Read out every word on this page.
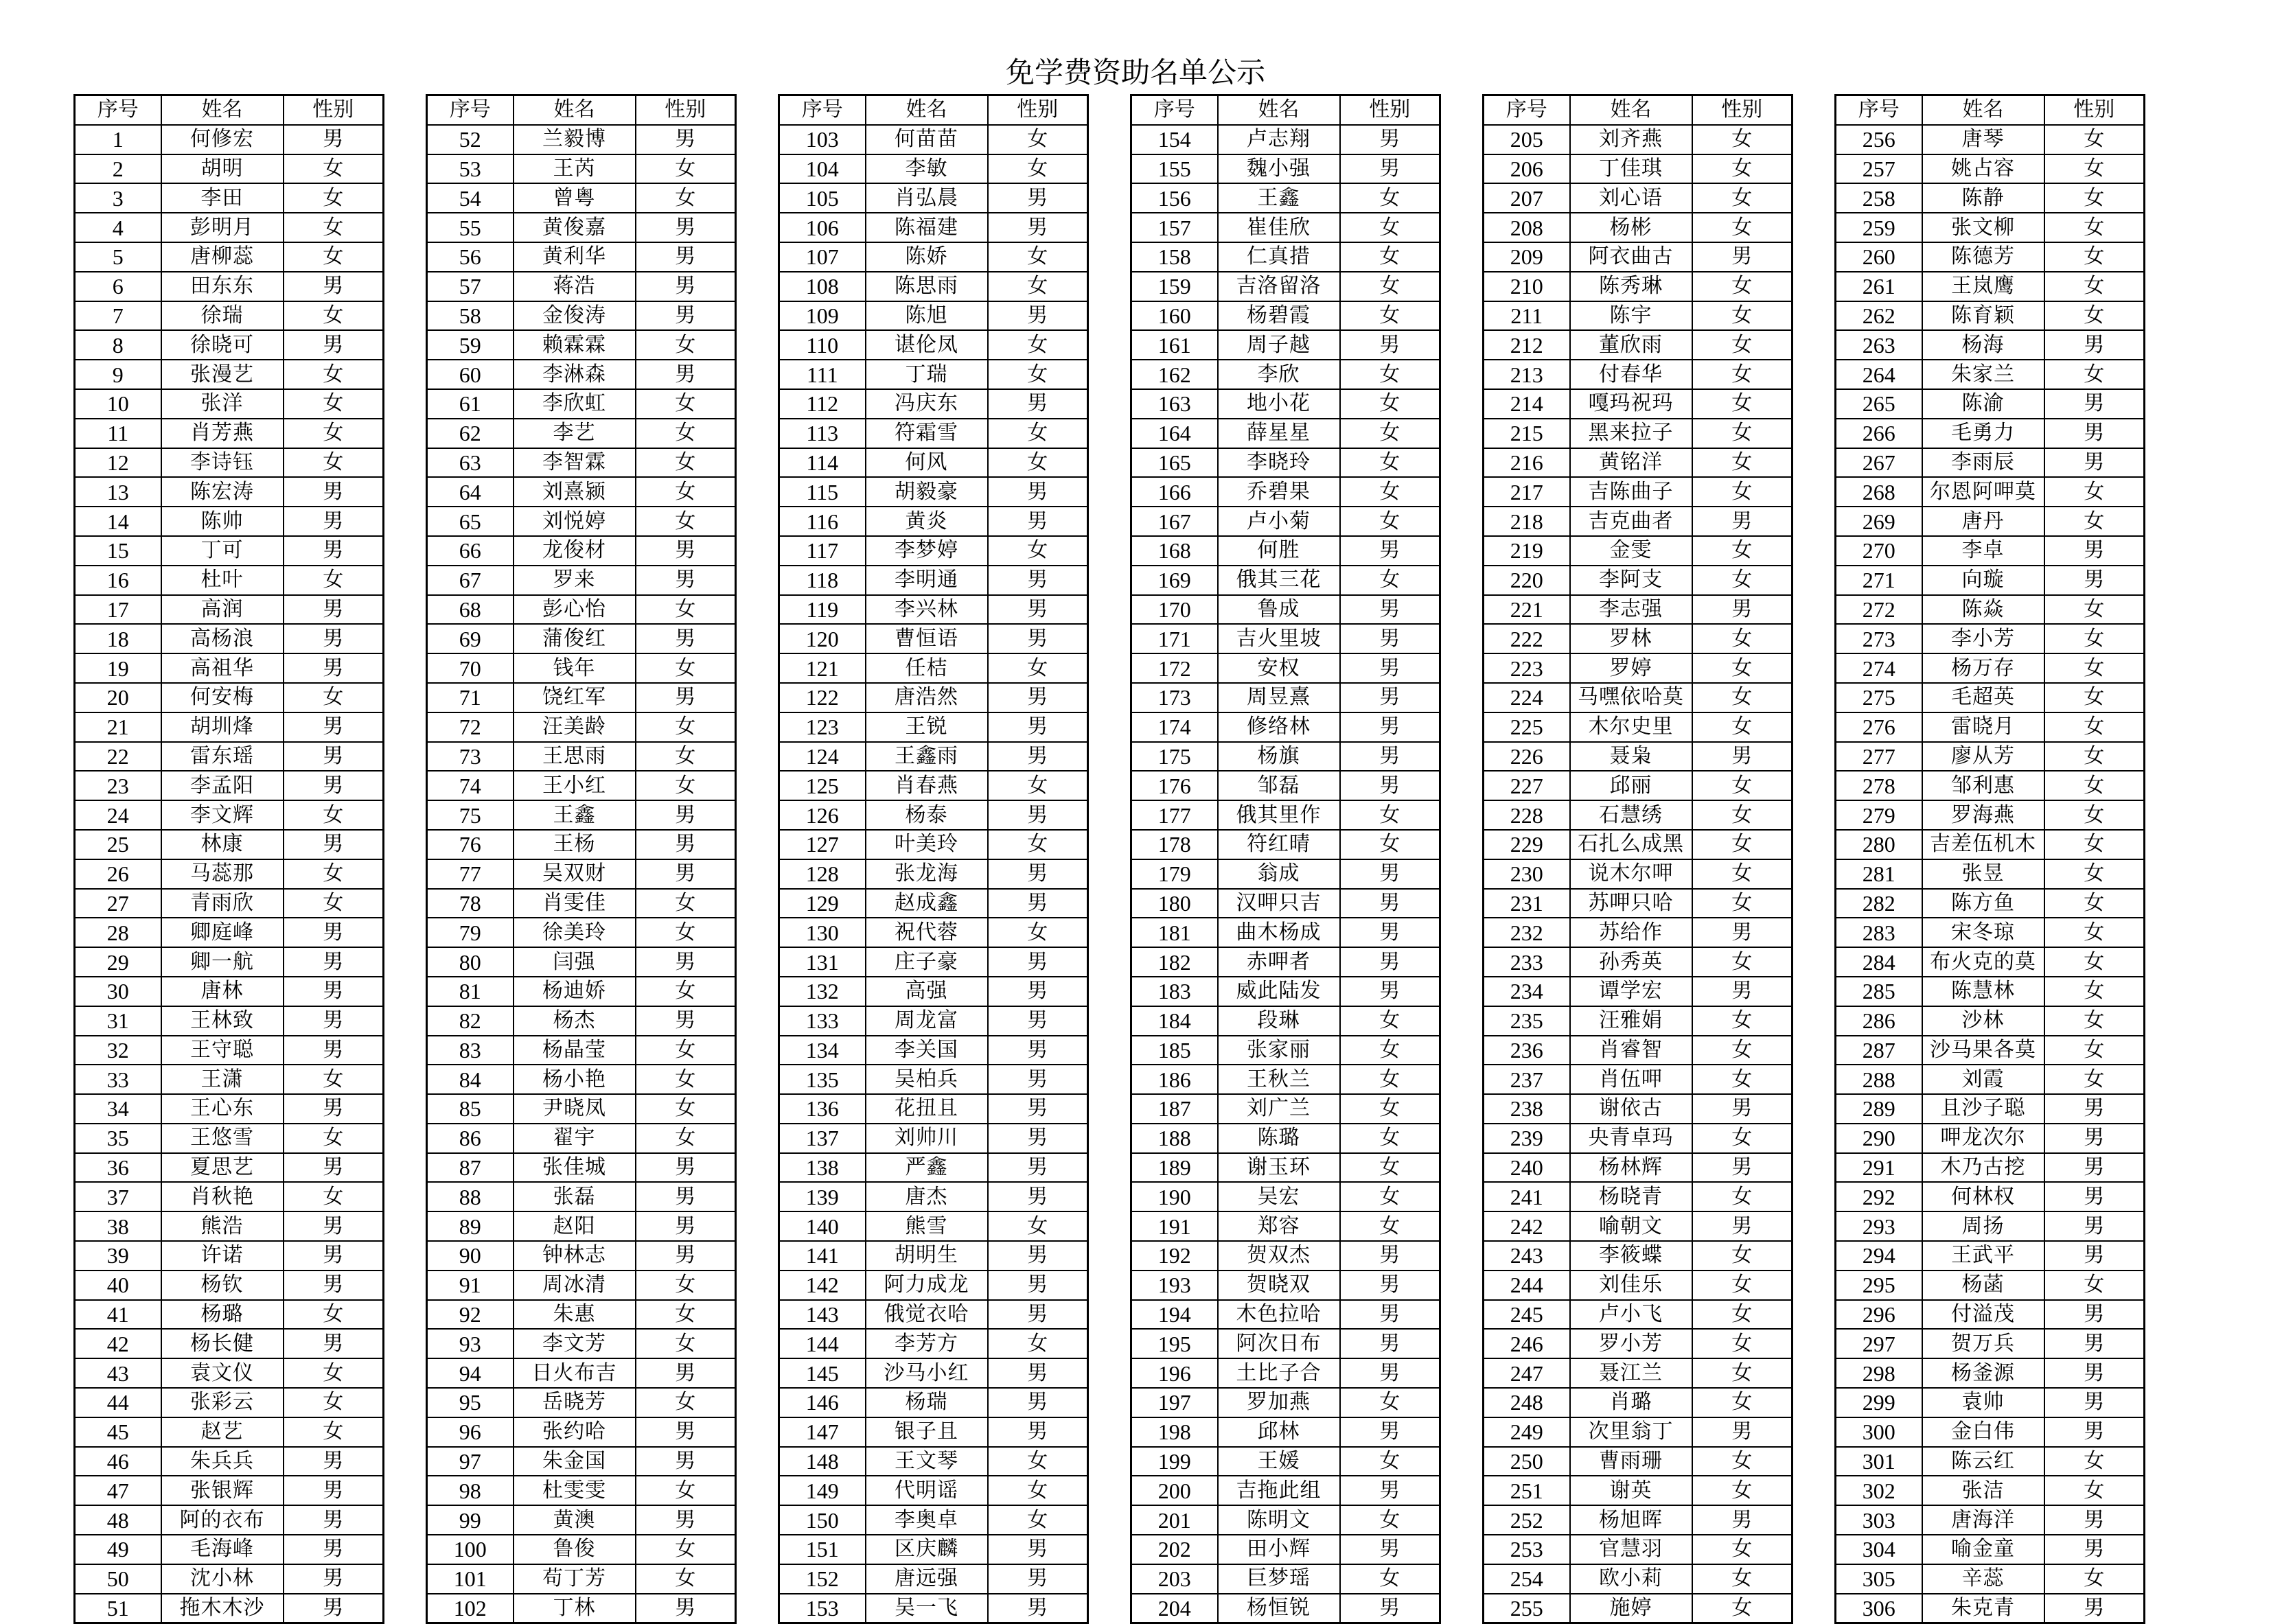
免学费资助名单公示
序号	姓名	性别
1	何修宏	男
2	胡明	女
3	李田	女
4	彭明月	女
5	唐柳蕊	女
6	田东东	男
7	徐瑞	女
8	徐晓可	男
9	张漫艺	女
10	张洋	女
11	肖芳燕	女
12	李诗钰	女
13	陈宏涛	男
14	陈帅	男
15	丁可	男
16	杜叶	女
17	高润	男
18	高杨浪	男
19	高祖华	男
20	何安梅	女
21	胡圳烽	男
22	雷东瑶	男
23	李孟阳	男
24	李文辉	女
25	林康	男
26	马蕊那	女
27	青雨欣	女
28	卿庭峰	男
29	卿一航	男
30	唐林	男
31	王林致	男
32	王守聪	男
33	王潇	女
34	王心东	男
35	王悠雪	女
36	夏思艺	男
37	肖秋艳	女
38	熊浩	男
39	许诺	男
40	杨钦	男
41	杨璐	女
42	杨长健	男
43	袁文仪	女
44	张彩云	女
45	赵艺	女
46	朱兵兵	男
47	张银辉	男
48	阿的衣布	男
49	毛海峰	男
50	沈小林	男
51	拖木木沙	男
序号	姓名	性别
52	兰毅博	男
53	王芮	女
54	曾粤	女
55	黄俊嘉	男
56	黄利华	男
57	蒋浩	男
58	金俊涛	男
59	赖霖霖	女
60	李淋森	男
61	李欣虹	女
62	李艺	女
63	李智霖	女
64	刘熹颍	女
65	刘悦婷	女
66	龙俊材	男
67	罗来	男
68	彭心怡	女
69	蒲俊红	男
70	钱年	女
71	饶红军	男
72	汪美龄	女
73	王思雨	女
74	王小红	女
75	王鑫	男
76	王杨	男
77	吴双财	男
78	肖雯佳	女
79	徐美玲	女
80	闫强	男
81	杨迪娇	女
82	杨杰	男
83	杨晶莹	女
84	杨小艳	女
85	尹晓凤	女
86	翟宇	女
87	张佳城	男
88	张磊	男
89	赵阳	男
90	钟林志	男
91	周冰清	女
92	朱惠	女
93	李文芳	女
94	日火布吉	男
95	岳晓芳	女
96	张约哈	男
97	朱金国	男
98	杜雯雯	女
99	黄澳	男
100	鲁俊	女
101	苟丁芳	女
102	丁林	男
序号	姓名	性别
103	何苗苗	女
104	李敏	女
105	肖弘晨	男
106	陈福建	男
107	陈娇	女
108	陈思雨	女
109	陈旭	男
110	谌伦凤	女
111	丁瑞	女
112	冯庆东	男
113	符霜雪	女
114	何风	女
115	胡毅豪	男
116	黄炎	男
117	李梦婷	女
118	李明通	男
119	李兴林	男
120	曹恒语	男
121	任桔	女
122	唐浩然	男
123	王锐	男
124	王鑫雨	男
125	肖春燕	女
126	杨泰	男
127	叶美玲	女
128	张龙海	男
129	赵成鑫	男
130	祝代蓉	女
131	庄子豪	男
132	高强	男
133	周龙富	男
134	李关国	男
135	吴柏兵	男
136	花扭且	男
137	刘帅川	男
138	严鑫	男
139	唐杰	男
140	熊雪	女
141	胡明生	男
142	阿力成龙	男
143	俄觉衣哈	男
144	李芳方	女
145	沙马小红	男
146	杨瑞	男
147	银子且	男
148	王文琴	女
149	代明谣	女
150	李奥卓	女
151	区庆麟	男
152	唐远强	男
153	吴一飞	男
序号	姓名	性别
154	卢志翔	男
155	魏小强	男
156	王鑫	女
157	崔佳欣	女
158	仁真措	女
159	吉洛留洛	女
160	杨碧霞	女
161	周子越	男
162	李欣	女
163	地小花	女
164	薛星星	女
165	李晓玲	女
166	乔碧果	女
167	卢小菊	女
168	何胜	男
169	俄其三花	女
170	鲁成	男
171	吉火里坡	男
172	安权	男
173	周昱熹	男
174	修络林	男
175	杨旗	男
176	邹磊	男
177	俄其里作	女
178	符红晴	女
179	翁成	男
180	汉呷只吉	男
181	曲木杨成	男
182	赤呷者	男
183	威此陆发	男
184	段琳	女
185	张家丽	女
186	王秋兰	女
187	刘广兰	女
188	陈璐	女
189	谢玉环	女
190	吴宏	女
191	郑容	女
192	贺双杰	男
193	贺晓双	男
194	木色拉哈	男
195	阿次日布	男
196	土比子合	男
197	罗加燕	女
198	邱林	男
199	王媛	女
200	吉拖此组	男
201	陈明文	女
202	田小辉	男
203	巨梦瑶	女
204	杨恒锐	男
序号	姓名	性别
205	刘齐燕	女
206	丁佳琪	女
207	刘心语	女
208	杨彬	女
209	阿衣曲古	男
210	陈秀琳	女
211	陈宇	女
212	董欣雨	女
213	付春华	女
214	嘎玛祝玛	女
215	黑来拉子	女
216	黄铭洋	女
217	吉陈曲子	女
218	吉克曲者	男
219	金雯	女
220	李阿支	女
221	李志强	男
222	罗林	女
223	罗婷	女
224	马嘿依哈莫	女
225	木尔史里	女
226	聂枭	男
227	邱丽	女
228	石慧绣	女
229	石扎么成黑	女
230	说木尔呷	女
231	苏呷只哈	女
232	苏给作	男
233	孙秀英	女
234	谭学宏	男
235	汪雅娟	女
236	肖睿智	女
237	肖伍呷	女
238	谢依古	男
239	央青卓玛	女
240	杨林辉	男
241	杨晓青	女
242	喻朝文	男
243	李筱蝶	女
244	刘佳乐	女
245	卢小飞	女
246	罗小芳	女
247	聂江兰	女
248	肖璐	女
249	次里翁丁	男
250	曹雨珊	女
251	谢英	女
252	杨旭晖	男
253	官慧羽	女
254	欧小莉	女
255	施婷	女
序号	姓名	性别
256	唐琴	女
257	姚占容	女
258	陈静	女
259	张文柳	女
260	陈德芳	女
261	王岚鹰	女
262	陈育颖	女
263	杨海	男
264	朱家兰	女
265	陈渝	男
266	毛勇力	男
267	李雨辰	男
268	尔恩阿呷莫	女
269	唐丹	女
270	李卓	男
271	向璇	男
272	陈焱	女
273	李小芳	女
274	杨万存	女
275	毛超英	女
276	雷晓月	女
277	廖从芳	女
278	邹利惠	女
279	罗海燕	女
280	吉差伍机木	女
281	张昱	女
282	陈方鱼	女
283	宋冬琼	女
284	布火克的莫	女
285	陈慧林	女
286	沙林	女
287	沙马果各莫	女
288	刘霞	女
289	且沙子聪	男
290	呷龙次尔	男
291	木乃古挖	男
292	何林权	男
293	周扬	男
294	王武平	男
295	杨菡	女
296	付溢茂	男
297	贺万兵	男
298	杨釜源	男
299	袁帅	男
300	金白伟	男
301	陈云红	女
302	张洁	女
303	唐海洋	男
304	喻金童	男
305	辛蕊	女
306	朱克青	男
